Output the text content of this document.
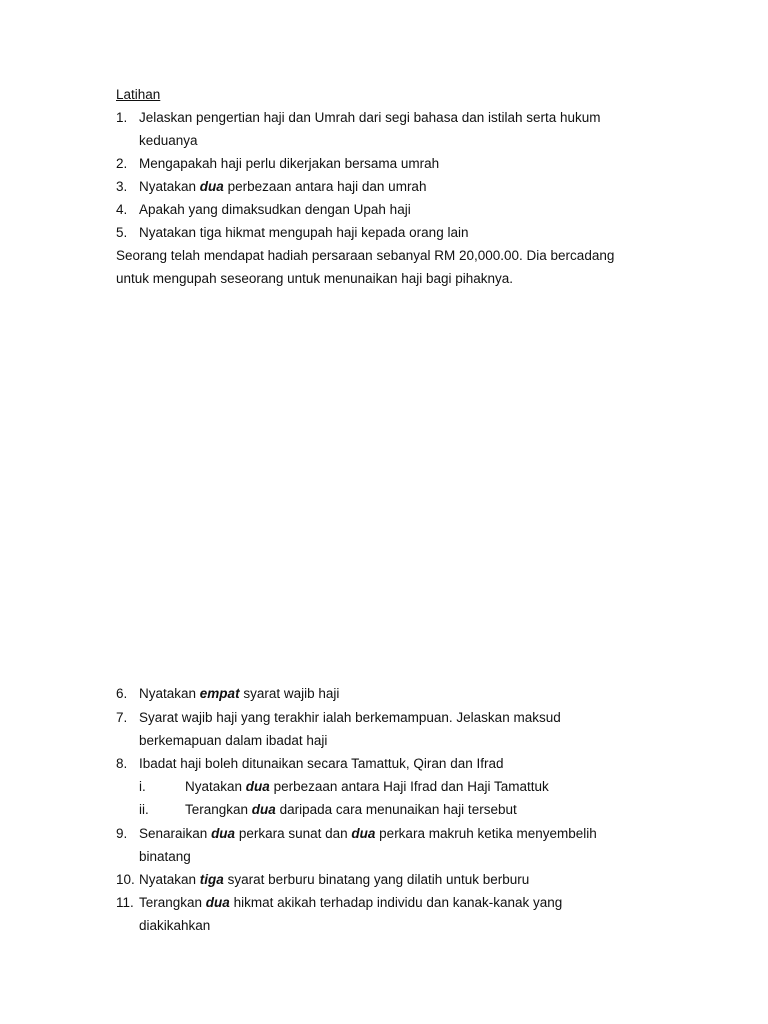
Latihan
1. Jelaskan pengertian haji dan Umrah dari segi bahasa dan istilah serta hukum
keduanya
2. Mengapakah haji perlu dikerjakan bersama umrah
3. Nyatakan dua perbezaan antara haji dan umrah
4. Apakah yang dimaksudkan dengan Upah haji
5. Nyatakan tiga hikmat mengupah haji kepada orang lain
Seorang telah mendapat hadiah persaraan sebanyal RM 20,000.00. Dia bercadang
untuk mengupah seseorang untuk menunaikan haji bagi pihaknya.
6. Nyatakan empat syarat wajib haji
7. Syarat wajib haji yang terakhir ialah berkemampuan. Jelaskan maksud
berkemapuan dalam ibadat haji
8. Ibadat haji boleh ditunaikan secara Tamattuk, Qiran dan Ifrad
i.	Nyatakan dua perbezaan antara Haji Ifrad dan Haji Tamattuk
ii.	Terangkan dua daripada cara menunaikan haji tersebut
9. Senaraikan dua perkara sunat dan dua perkara makruh ketika menyembelih
binatang
10. Nyatakan tiga syarat berburu binatang yang dilatih untuk berburu
11. Terangkan dua hikmat akikah terhadap individu dan kanak-kanak yang
diakikahkan
